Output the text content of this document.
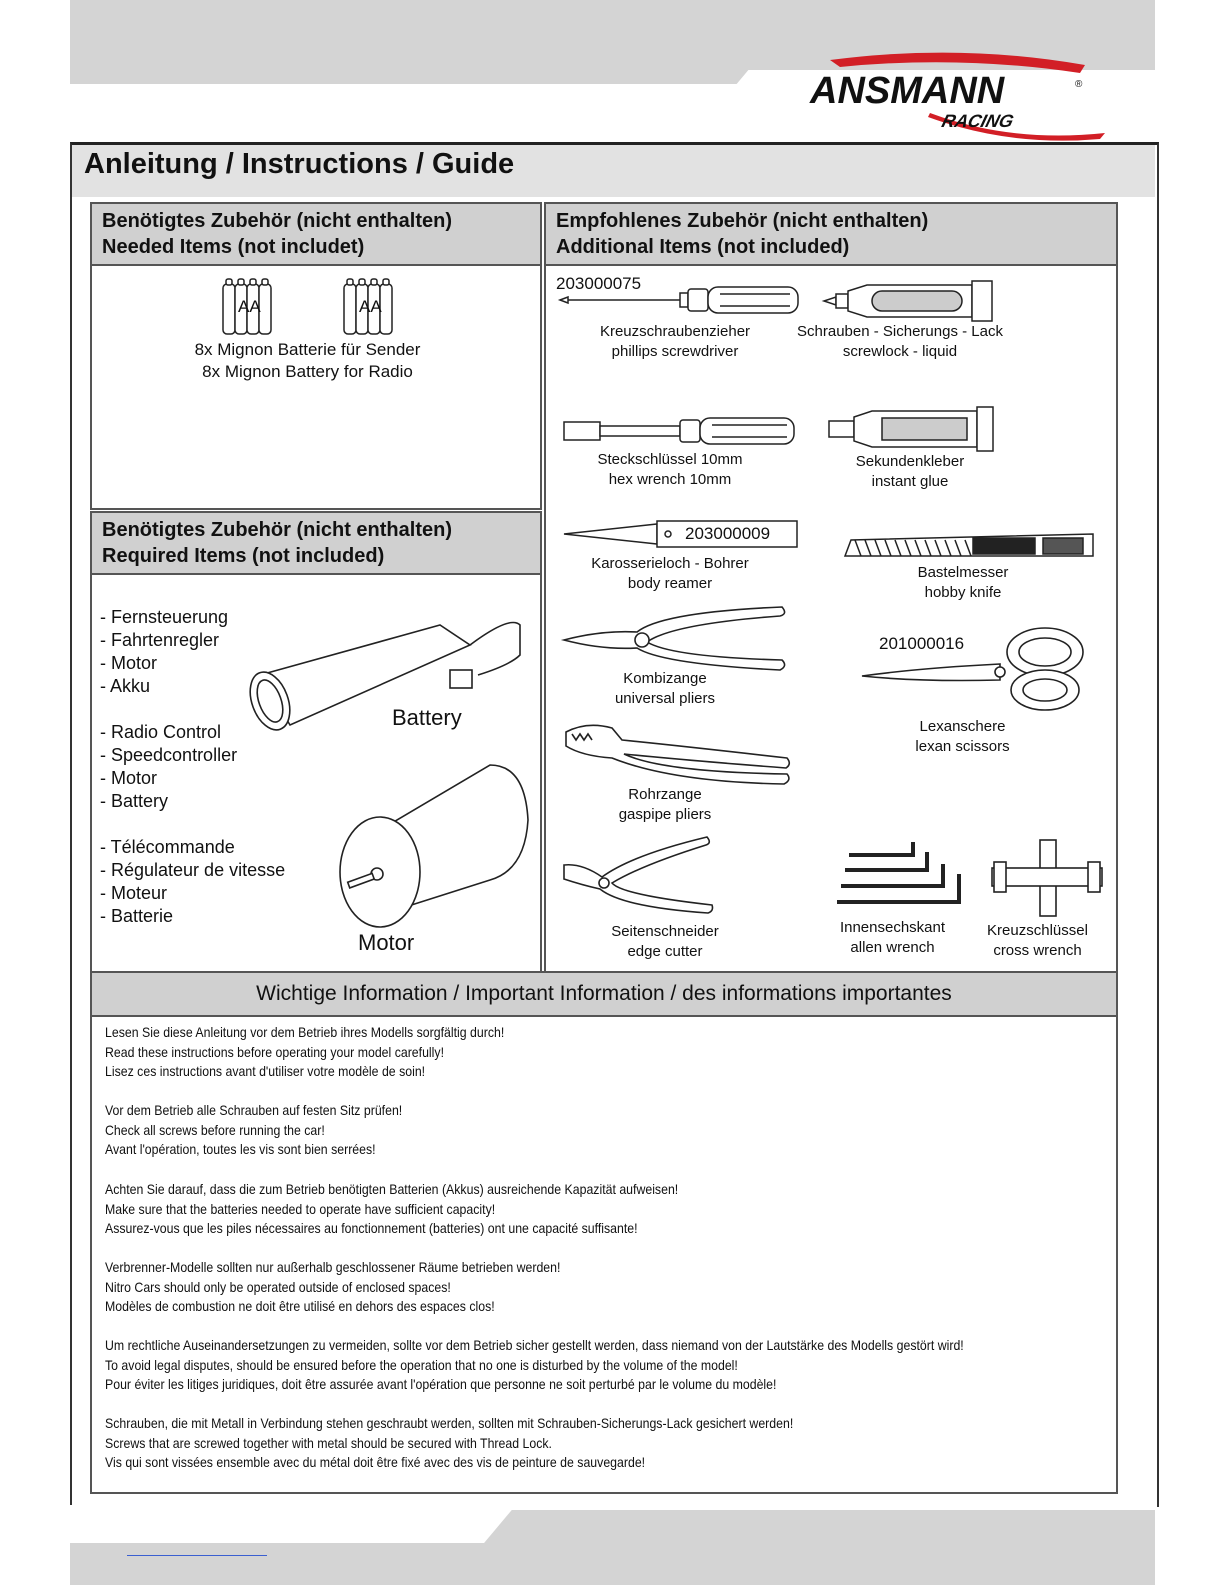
ANSMANN	®
RACING
Anleitung / Instructions / Guide
Benötigtes Zubehör (nicht enthalten)
Needed Items (not includet)
AA	AA
8x Mignon Batterie für Sender
8x Mignon Battery for Radio
Benötigtes Zubehör (nicht enthalten)
Required Items (not included)
- Fernsteuerung
- Fahrtenregler
- Motor
- Akku
- Radio Control
- Speedcontroller
- Motor
- Battery
- Télécommande
- Régulateur de vitesse
- Moteur
- Batterie
Battery
Motor
Empfohlenes Zubehör (nicht enthalten)
Additional Items (not included)
203000075
Kreuzschraubenzieher
phillips screwdriver
Schrauben - Sicherungs - Lack
screwlock - liquid
Steckschlüssel 10mm
hex wrench 10mm
Sekundenkleber
instant glue
203000009
Karosserieloch - Bohrer
body reamer
Bastelmesser
hobby knife
Kombizange
universal pliers
201000016
Lexanschere
lexan scissors
Rohrzange
gaspipe pliers
Seitenschneider
edge cutter
Innensechskant
allen wrench
Kreuzschlüssel
cross wrench
Wichtige Information / Important Information / des informations importantes
Lesen Sie diese Anleitung vor dem Betrieb ihres Modells sorgfältig durch!
Read these instructions before operating your model carefully!
Lisez ces instructions avant d'utiliser votre modèle de soin!
Vor dem Betrieb alle Schrauben auf festen Sitz prüfen!
Check all screws before running the car!
Avant l'opération, toutes les vis sont bien serrées!
Achten Sie darauf, dass die zum Betrieb benötigten Batterien (Akkus) ausreichende Kapazität aufweisen!
Make sure that the batteries needed to operate have sufficient capacity!
Assurez-vous que les piles nécessaires au fonctionnement (batteries) ont une capacité suffisante!
Verbrenner-Modelle sollten nur außerhalb geschlossener Räume betrieben werden!
Nitro Cars should only be operated outside of enclosed spaces!
Modèles de combustion ne doit être utilisé en dehors des espaces clos!
Um rechtliche Auseinandersetzungen zu vermeiden, sollte vor dem Betrieb sicher gestellt werden, dass niemand von der Lautstärke des Modells gestört wird!
To avoid legal disputes, should be ensured before the operation that no one is disturbed by the volume of the model!
Pour éviter les litiges juridiques, doit être assurée avant l'opération que personne ne soit perturbé par le volume du modèle!
Schrauben, die mit Metall in Verbindung stehen geschraubt werden, sollten mit Schrauben-Sicherungs-Lack gesichert werden!
Screws that are screwed together with metal should be secured with Thread Lock.
Vis qui sont vissées ensemble avec du métal doit être fixé avec des vis de peinture de sauvegarde!
